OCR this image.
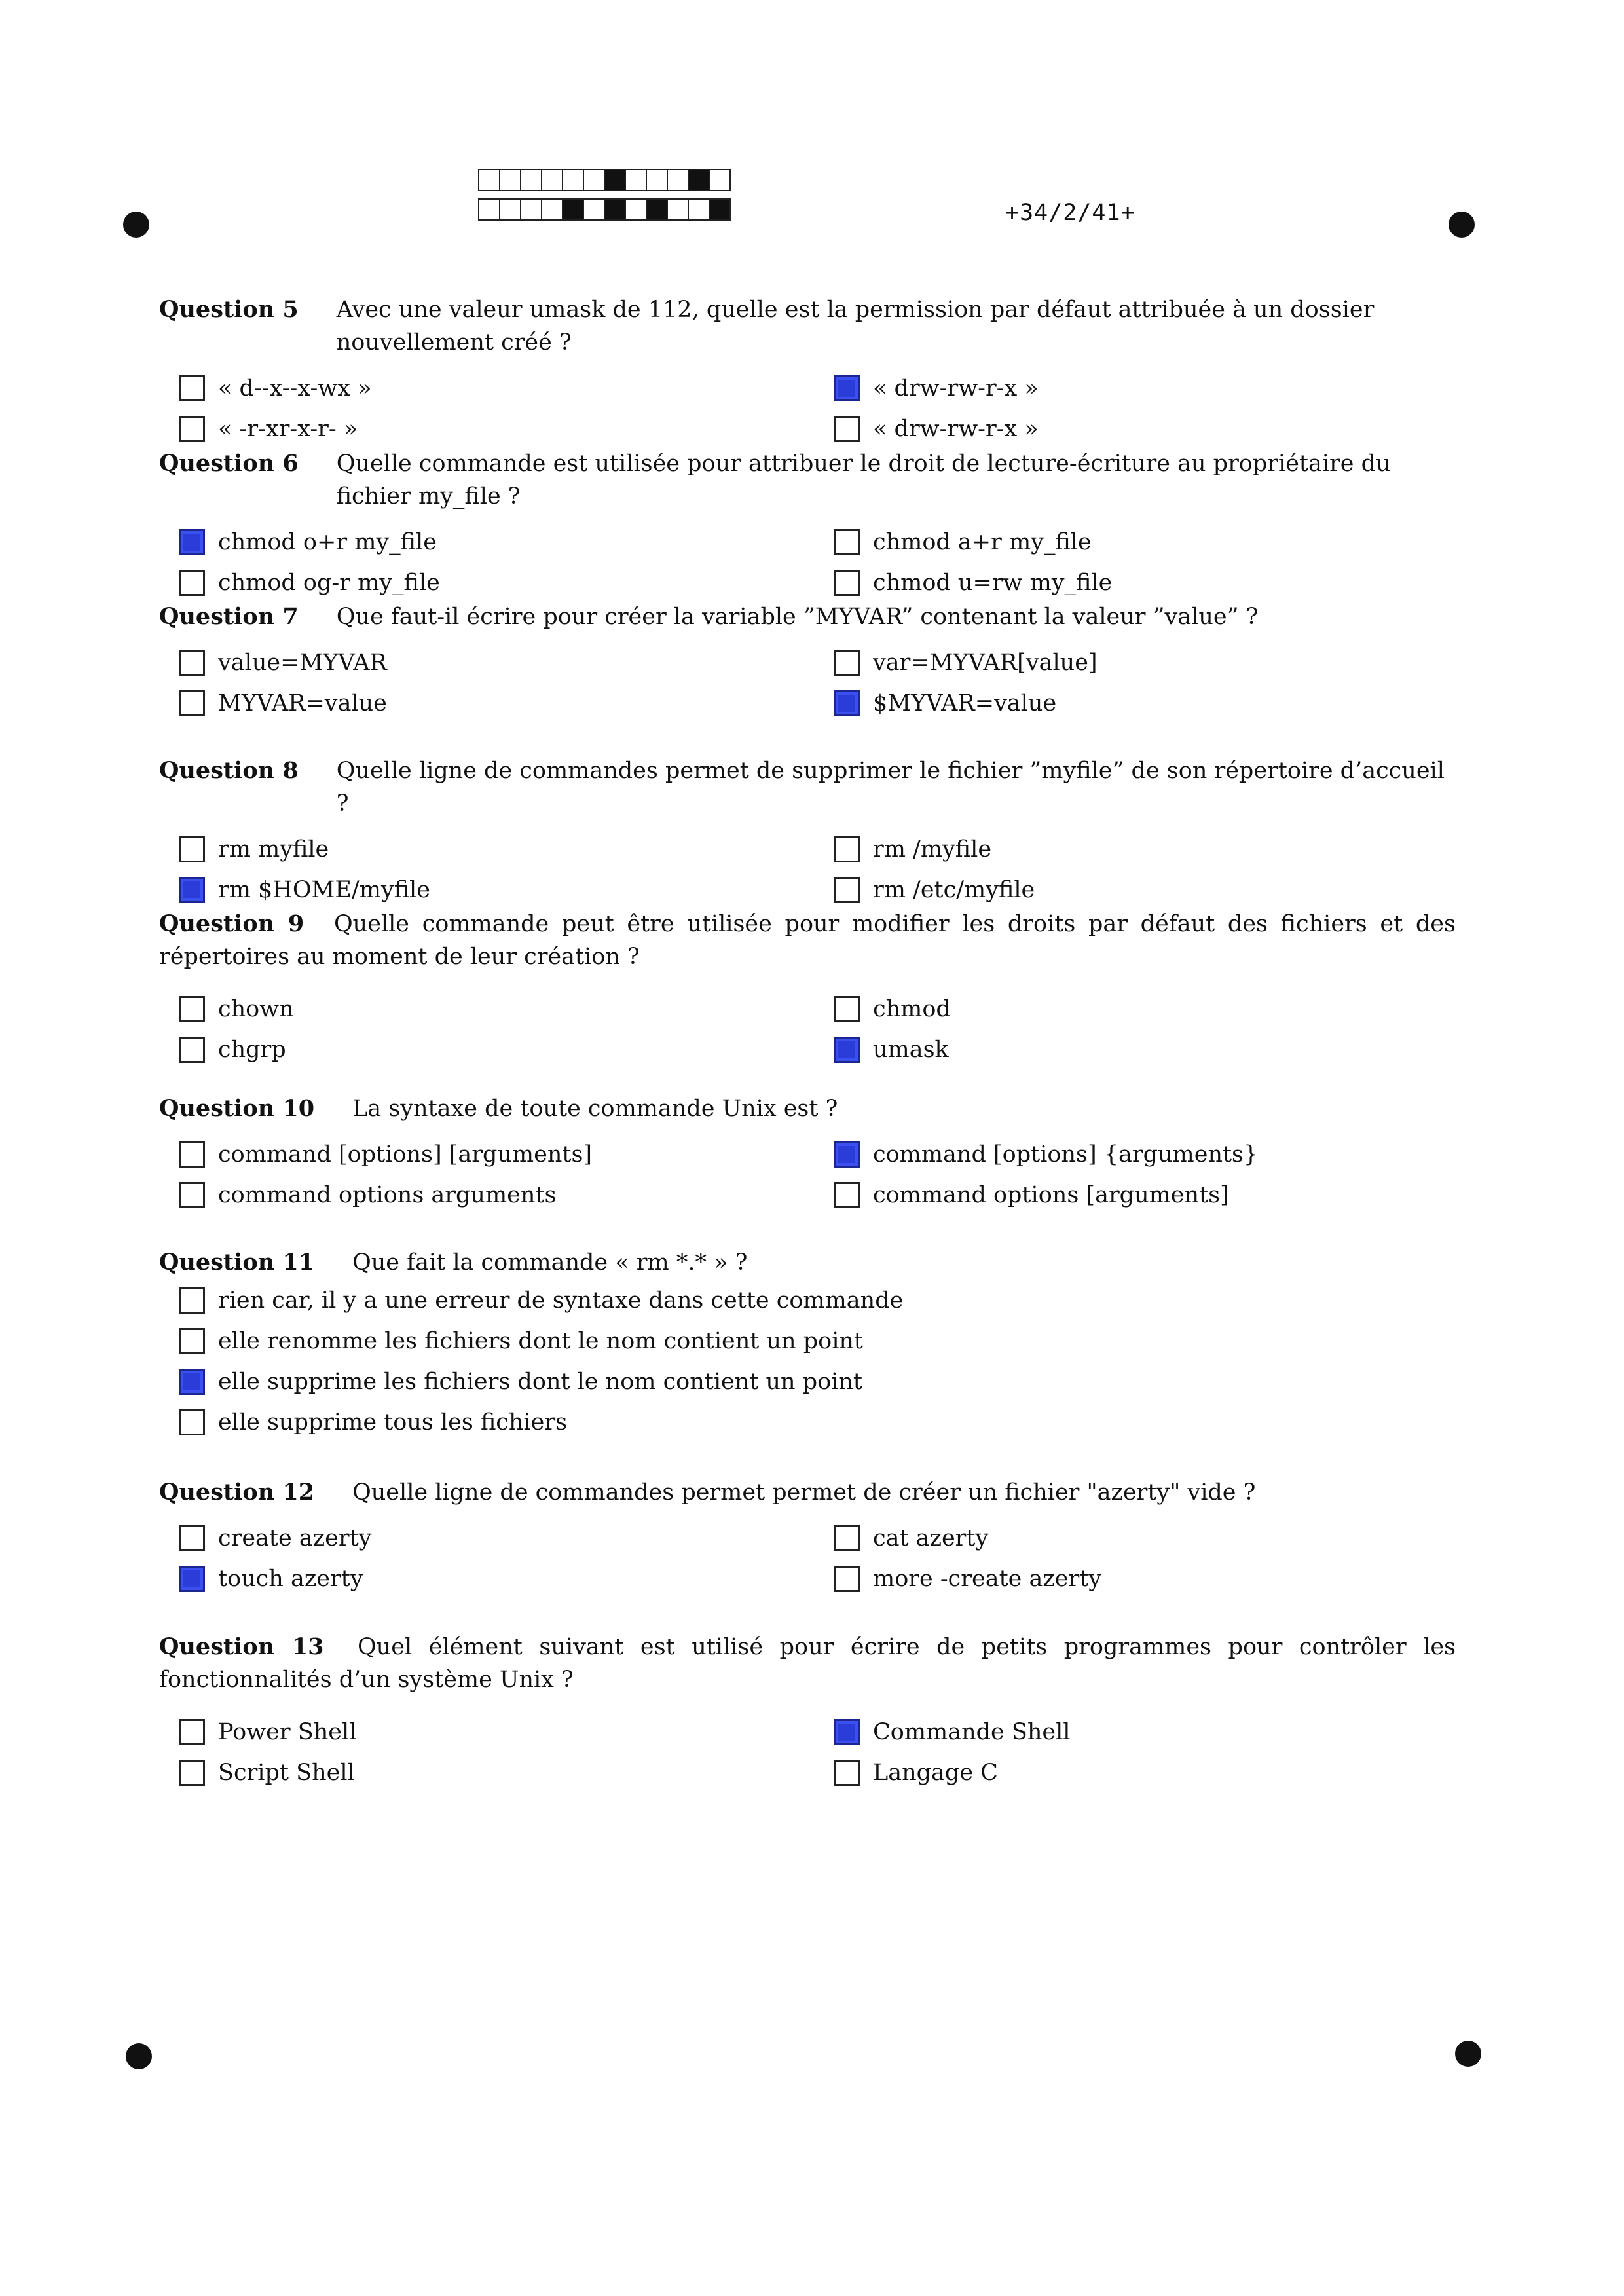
+34/2/41+
Question 5 Avec une valeur umask de 112, quelle est la permission par défaut attribuée à un dossier nouvellement créé ?
« d--x--x-wx »	« drw-rw-r-x »
« -r-xr-x-r- »	« drw-rw-r-x »
Question 6 Quelle commande est utilisée pour attribuer le droit de lecture-écriture au propriétaire du fichier my_file ?
chmod o+r my_file	chmod a+r my_file
chmod og-r my_file	chmod u=rw my_file
Question 7 Que faut-il écrire pour créer la variable ”MYVAR” contenant la valeur ”value” ?
value=MYVAR	var=MYVAR[value]
MYVAR=value	$MYVAR=value
Question 8 Quelle ligne de commandes permet de supprimer le fichier ”myfile” de son répertoire d’accueil ?
rm myfile	rm /myfile
rm $HOME/myfile	rm /etc/myfile
Question 9 Quelle commande peut être utilisée pour modifier les droits par défaut des fichiers et des répertoires au moment de leur création ?
chown	chmod
chgrp	umask
Question 10 La syntaxe de toute commande Unix est ?
command [options] [arguments]	command [options] {arguments}
command options arguments	command options [arguments]
Question 11 Que fait la commande « rm *.* » ?
rien car, il y a une erreur de syntaxe dans cette commande
elle renomme les fichiers dont le nom contient un point
elle supprime les fichiers dont le nom contient un point
elle supprime tous les fichiers
Question 12 Quelle ligne de commandes permet permet de créer un fichier "azerty" vide ?
create azerty	cat azerty
touch azerty	more -create azerty
Question 13 Quel élément suivant est utilisé pour écrire de petits programmes pour contrôler les fonctionnalités d’un système Unix ?
Power Shell	Commande Shell
Script Shell	Langage C
